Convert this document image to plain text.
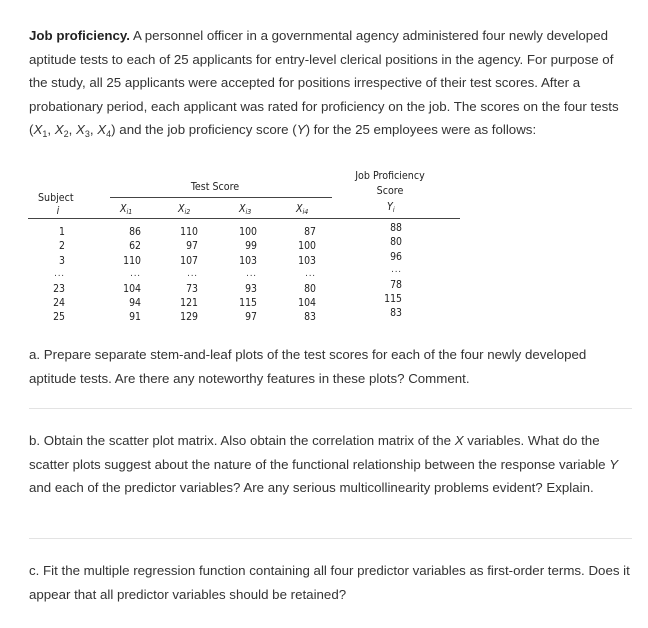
Job proficiency. A personnel officer in a governmental agency administered four newly developed aptitude tests to each of 25 applicants for entry-level clerical positions in the agency. For purpose of the study, all 25 applicants were accepted for positions irrespective of their test scores. After a probationary period, each applicant was rated for proficiency on the job. The scores on the four tests ($X_1$, $X_2$, $X_3$, $X_4$) and the job proficiency score (Y) for the 25 employees were as follows:
Subject
i
Test Score
Job Proficiency
Score
$X_{i1}$	$X_{i2}$	$X_{i3}$	$X_{i4}$	$Y_i$
1	86	110	100	87	88
2	62	97	99	100	80
3	110	107	103	103	96
...	...	...	...	...	...
23	104	73	93	80	78
24	94	121	115	104	115
25	91	129	97	83	83
a. Prepare separate stem-and-leaf plots of the test scores for each of the four newly developed aptitude tests. Are there any noteworthy features in these plots? Comment.
b. Obtain the scatter plot matrix. Also obtain the correlation matrix of the X variables. What do the scatter plots suggest about the nature of the functional relationship between the response variable Y and each of the predictor variables? Are any serious multicollinearity problems evident? Explain.
c. Fit the multiple regression function containing all four predictor variables as first-order terms. Does it appear that all predictor variables should be retained?
